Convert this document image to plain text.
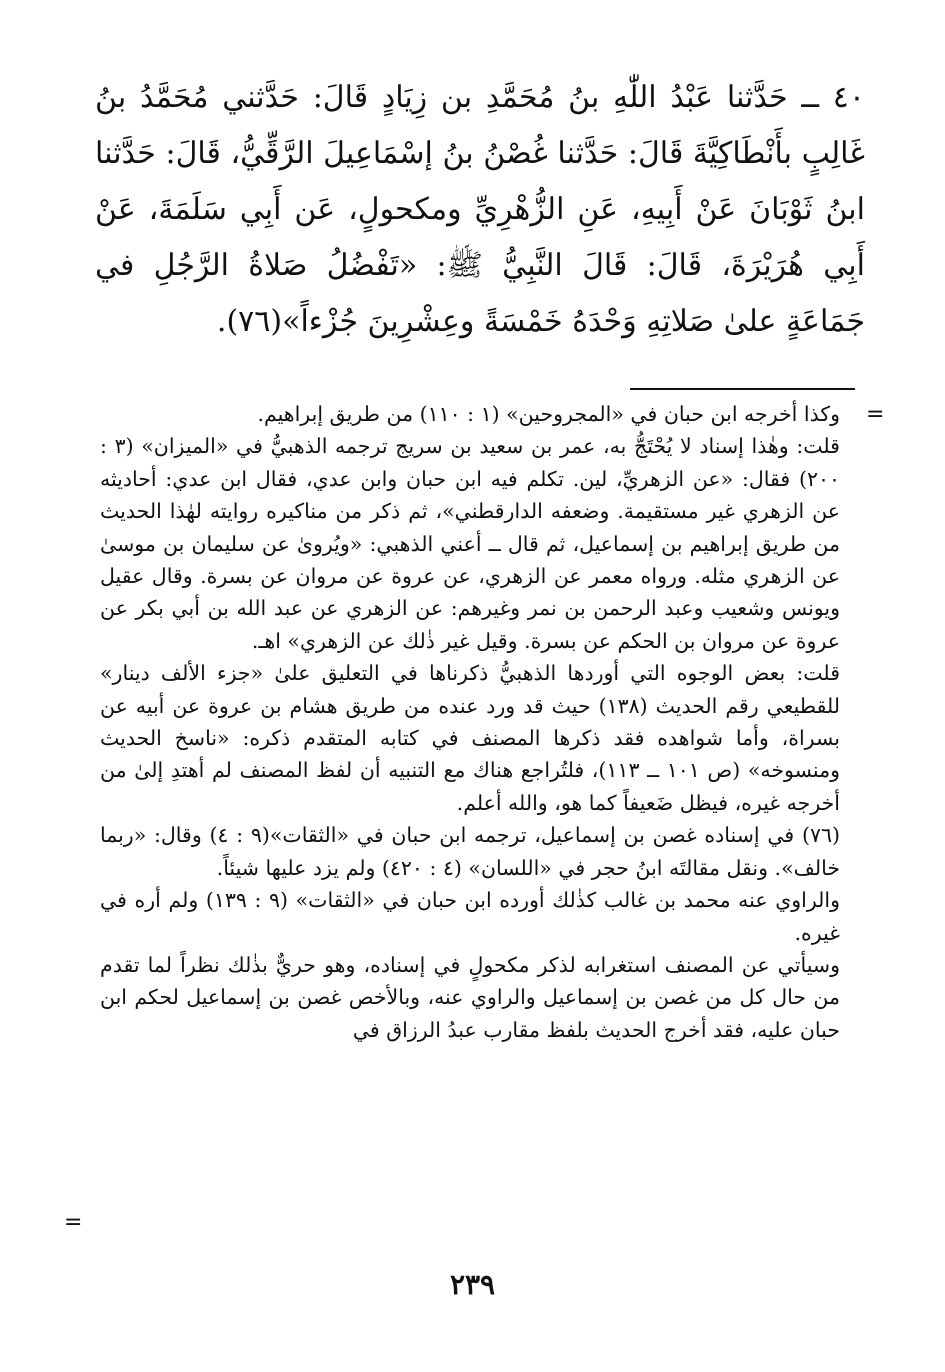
٤٠ ــ حَدَّثنا عَبْدُ اللّٰهِ بنُ مُحَمَّدِ بن زِيَادٍ قَالَ: حَدَّثني مُحَمَّدُ بنُ غَالِبٍ بأَنْطَاكِيَّةَ قَالَ: حَدَّثنا غُصْنُ بنُ إسْمَاعِيلَ الرَّقِّيُّ، قَالَ: حَدَّثنا ابنُ ثَوْبَانَ عَنْ أَبِيهِ، عَنِ الزُّهْرِيِّ ومكحولٍ، عَن أَبِي سَلَمَةَ، عَنْ أَبِي هُرَيْرَةَ، قَالَ: قَالَ النَّبِيُّ ﷺ: «تَفْضُلُ صَلاةُ الرَّجُلِ في جَمَاعَةٍ علىٰ صَلاتِهِ وَحْدَهُ خَمْسَةً وعِشْرِينَ جُزْءاً»(٧٦).

=

وكذا أخرجه ابن حبان في «المجروحين» (١ : ١١٠) من طريق إبراهيم.

قلت: وهٰذا إسناد لا يُحْتَجُّ به، عمر بن سعيد بن سريج ترجمه الذهبيُّ في «الميزان» (٣ : ٢٠٠) فقال: «عن الزهريِّ، لين. تكلم فيه ابن حبان وابن عدي، فقال ابن عدي: أحاديثه عن الزهري غير مستقيمة. وضعفه الدارقطني»، ثم ذكر من مناكيره روايته لهٰذا الحديث من طريق إبراهيم بن إسماعيل، ثم قال ــ أعني الذهبي: «ويُروىٰ عن سليمان بن موسىٰ عن الزهري مثله. ورواه معمر عن الزهري، عن عروة عن مروان عن بسرة. وقال عقيل ويونس وشعيب وعبد الرحمن بن نمر وغيرهم: عن الزهري عن عبد الله بن أبي بكر عن عروة عن مروان بن الحكم عن بسرة. وقيل غير ذٰلك عن الزهري» اهـ.

قلت: بعض الوجوه التي أوردها الذهبيُّ ذكرناها في التعليق علىٰ «جزء الألف دينار» للقطيعي رقم الحديث (١٣٨) حيث قد ورد عنده من طريق هشام بن عروة عن أبيه عن بسراة، وأما شواهده فقد ذكرها المصنف في كتابه المتقدم ذكره: «ناسخ الحديث ومنسوخه» (ص ١٠١ ــ ١١٣)، فلتُراجع هناك مع التنبيه أن لفظ المصنف لم أهتدِ إلىٰ من أخرجه غيره، فيظل ضَعيفاً كما هو، والله أعلم.

(٧٦) في إسناده غصن بن إسماعيل، ترجمه ابن حبان في «الثقات»(٩ : ٤) وقال: «ربما خالف». ونقل مقالتَه ابنُ حجر في «اللسان» (٤ : ٤٢٠) ولم يزد عليها شيئاً.

والراوي عنه محمد بن غالب كذٰلك أورده ابن حبان في «الثقات» (٩ : ١٣٩) ولم أره في غيره.

وسيأتي عن المصنف استغرابه لذكر مكحولٍ في إسناده، وهو حريٌّ بذٰلك نظراً لما تقدم من حال كل من غصن بن إسماعيل والراوي عنه، وبالأخص غصن بن إسماعيل لحكم ابن حبان عليه، فقد أخرج الحديث بلفظ مقارب عبدُ الرزاق في

=
٢٣٩
